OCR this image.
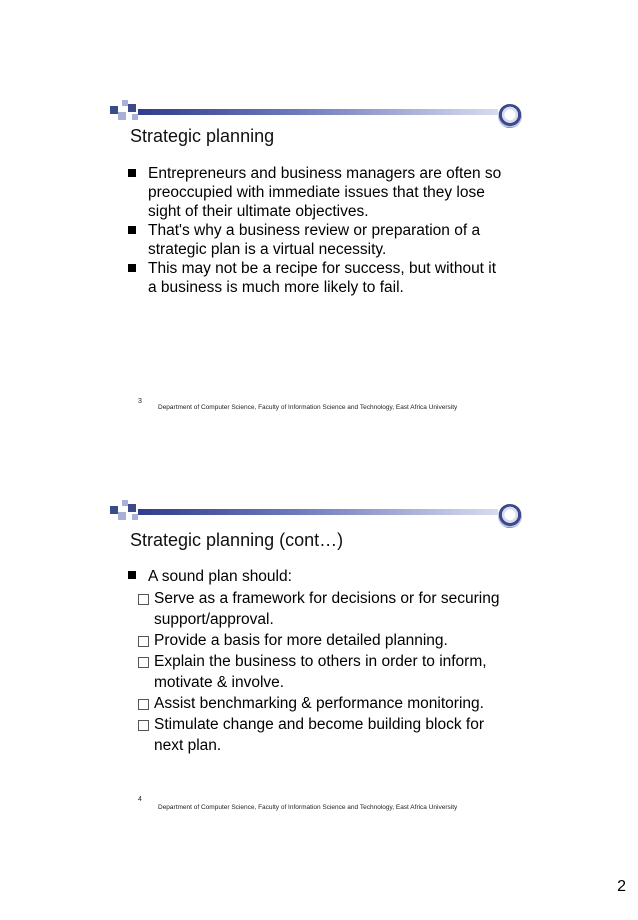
Strategic planning
Entrepreneurs and business managers are often so preoccupied with immediate issues that they lose sight of their ultimate objectives.
That's why a business review or preparation of a strategic plan is a virtual necessity.
This may not be a recipe for success, but without it a business is much more likely to fail.
3
Department of Computer Science, Faculty of Information Science and Technology, East Africa University
Strategic planning (cont…)
A sound plan should:
Serve as a framework for decisions or for securing support/approval.
Provide a basis for more detailed planning.
Explain the business to others in order to inform, motivate & involve.
Assist benchmarking & performance monitoring.
Stimulate change and become building block for next plan.
4
Department of Computer Science, Faculty of Information Science and Technology, East Africa University
2
